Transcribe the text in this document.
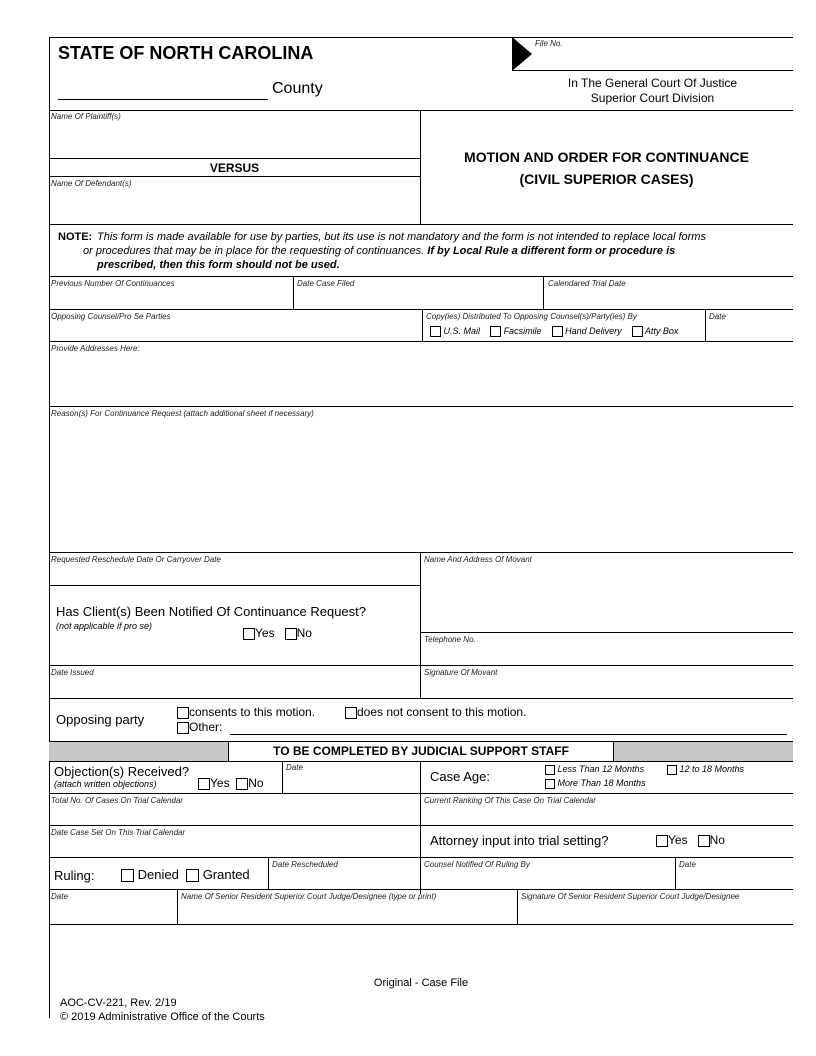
STATE OF NORTH CAROLINA
County
File No.
In The General Court Of Justice
Superior Court Division
Name Of Plaintiff(s)
VERSUS
Name Of Defendant(s)
MOTION AND ORDER FOR CONTINUANCE
(CIVIL SUPERIOR CASES)
NOTE: This form is made available for use by parties, but its use is not mandatory and the form is not intended to replace local forms
or procedures that may be in place for the requesting of continuances. If by Local Rule a different form or procedure is
prescribed, then this form should not be used.
Previous Number Of Continuances	Date Case Filed	Calendared Trial Date
Opposing Counsel/Pro Se Parties	Copy(ies) Distributed To Opposing Counsel(s)/Party(ies) By	Date
U.S. Mail	Facsimile	Hand Delivery	Atty Box
Provide Addresses Here:
Reason(s) For Continuance Request (attach additional sheet if necessary)
Requested Reschedule Date Or Carryover Date	Name And Address Of Movant
Has Client(s) Been Notified Of Continuance Request?
(not applicable if pro se)	Yes No	Telephone No.
Date Issued	Signature Of Movant
Opposing party	consents to this motion.	does not consent to this motion.
Other:
TO BE COMPLETED BY JUDICIAL SUPPORT STAFF
Objection(s) Received?
(attach written objections)	Yes No
Date
Case Age:	Less Than 12 Months
More Than 18 Months
12 to 18 Months
Total No. Of Cases On Trial Calendar	Current Ranking Of This Case On Trial Calendar
Date Case Set On This Trial Calendar
Attorney input into trial setting?	Yes No
Ruling:	Denied Granted
Date Rescheduled	Counsel Notified Of Ruling By	Date
Date	Name Of Senior Resident Superior Court Judge/Designee (type or print)	Signature Of Senior Resident Superior Court Judge/Designee
Original - Case File
AOC-CV-221, Rev. 2/19
© 2019 Administrative Office of the Courts
